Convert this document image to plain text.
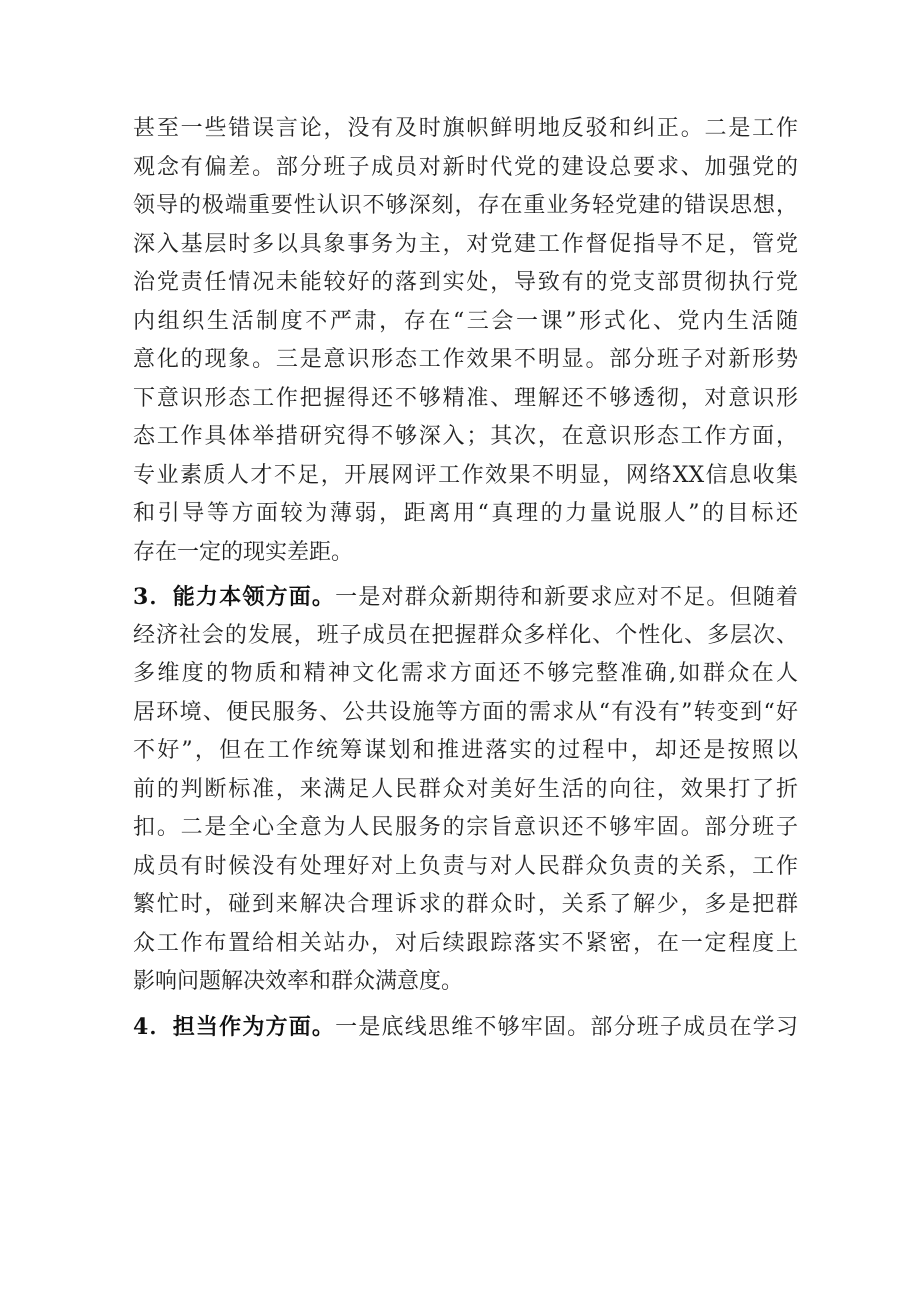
甚至一些错误言论，没有及时旗帜鲜明地反驳和纠正。二是工作
观念有偏差。部分班子成员对新时代党的建设总要求、加强党的
领导的极端重要性认识不够深刻，存在重业务轻党建的错误思想，
深入基层时多以具象事务为主，对党建工作督促指导不足，管党
治党责任情况未能较好的落到实处，导致有的党支部贯彻执行党
内组织生活制度不严肃，存在“三会一课”形式化、党内生活随
意化的现象。三是意识形态工作效果不明显。部分班子对新形势
下意识形态工作把握得还不够精准、理解还不够透彻，对意识形
态工作具体举措研究得不够深入；其次，在意识形态工作方面，
专业素质人才不足，开展网评工作效果不明显，网络XX信息收集
和引导等方面较为薄弱，距离用“真理的力量说服人”的目标还
存在一定的现实差距。
3．能力本领方面。一是对群众新期待和新要求应对不足。但随着
经济社会的发展，班子成员在把握群众多样化、个性化、多层次、
多维度的物质和精神文化需求方面还不够完整准确,如群众在人
居环境、便民服务、公共设施等方面的需求从“有没有”转变到“好
不好”，但在工作统筹谋划和推进落实的过程中，却还是按照以
前的判断标准，来满足人民群众对美好生活的向往，效果打了折
扣。二是全心全意为人民服务的宗旨意识还不够牢固。部分班子
成员有时候没有处理好对上负责与对人民群众负责的关系，工作
繁忙时，碰到来解决合理诉求的群众时，关系了解少，多是把群
众工作布置给相关站办，对后续跟踪落实不紧密，在一定程度上
影响问题解决效率和群众满意度。
4．担当作为方面。一是底线思维不够牢固。部分班子成员在学习
